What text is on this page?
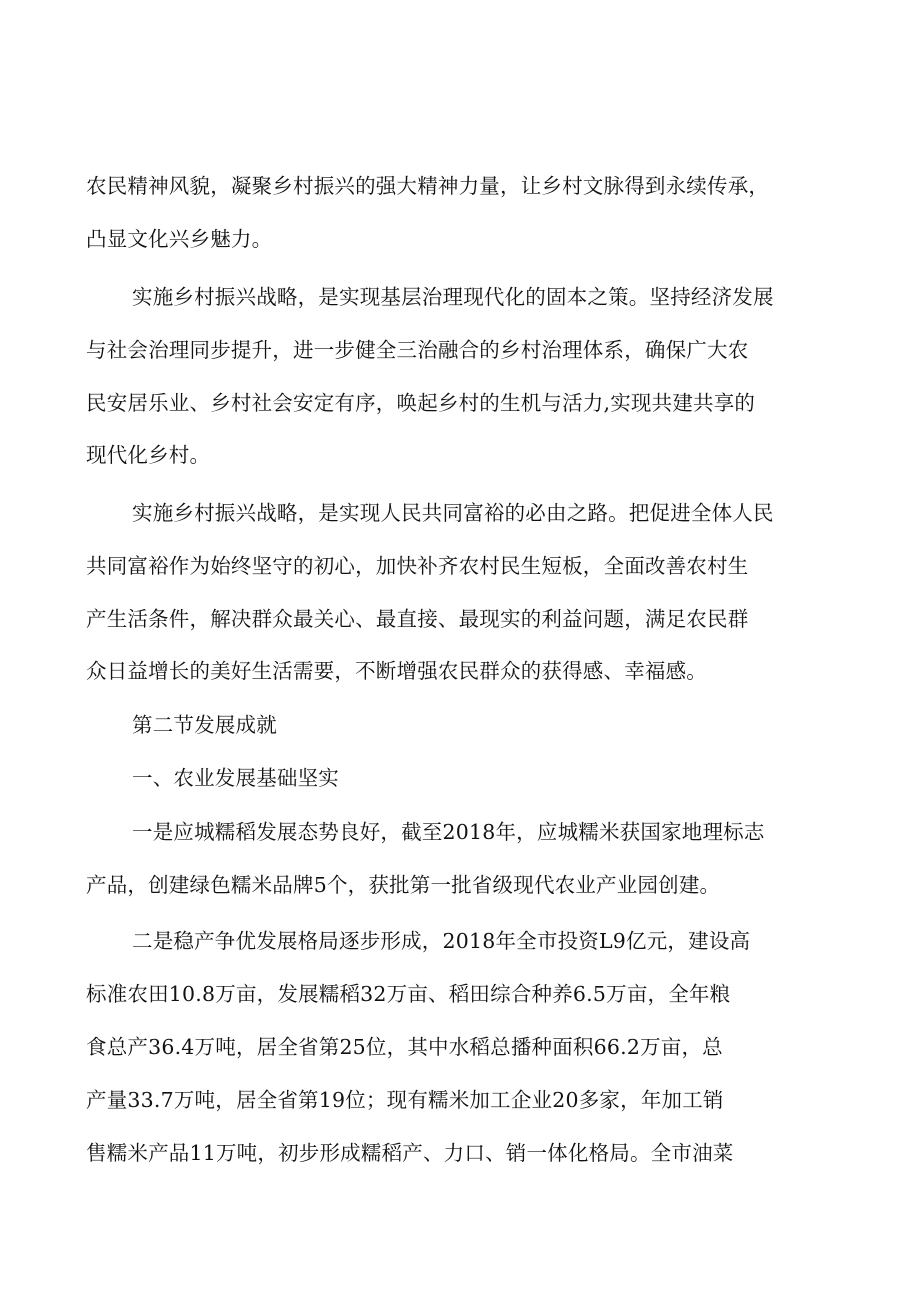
农民精神风貌，凝聚乡村振兴的强大精神力量，让乡村文脉得到永续传承，
凸显文化兴乡魅力。
实施乡村振兴战略，是实现基层治理现代化的固本之策。坚持经济发展
与社会治理同步提升，进一步健全三治融合的乡村治理体系，确保广大农
民安居乐业、乡村社会安定有序，唤起乡村的生机与活力,实现共建共享的
现代化乡村。
实施乡村振兴战略，是实现人民共同富裕的必由之路。把促进全体人民
共同富裕作为始终坚守的初心，加快补齐农村民生短板，全面改善农村生
产生活条件，解决群众最关心、最直接、最现实的利益问题，满足农民群
众日益增长的美好生活需要，不断增强农民群众的获得感、幸福感。
第二节发展成就
一、农业发展基础坚实
一是应城糯稻发展态势良好，截至2018年，应城糯米获国家地理标志
产品，创建绿色糯米品牌5个，获批第一批省级现代农业产业园创建。
二是稳产争优发展格局逐步形成，2018年全市投资L9亿元，建设高
标准农田10.8万亩，发展糯稻32万亩、稻田综合种养6.5万亩，全年粮
食总产36.4万吨，居全省第25位，其中水稻总播种面积66.2万亩，总
产量33.7万吨，居全省第19位；现有糯米加工企业20多家，年加工销
售糯米产品11万吨，初步形成糯稻产、力口、销一体化格局。全市油菜
